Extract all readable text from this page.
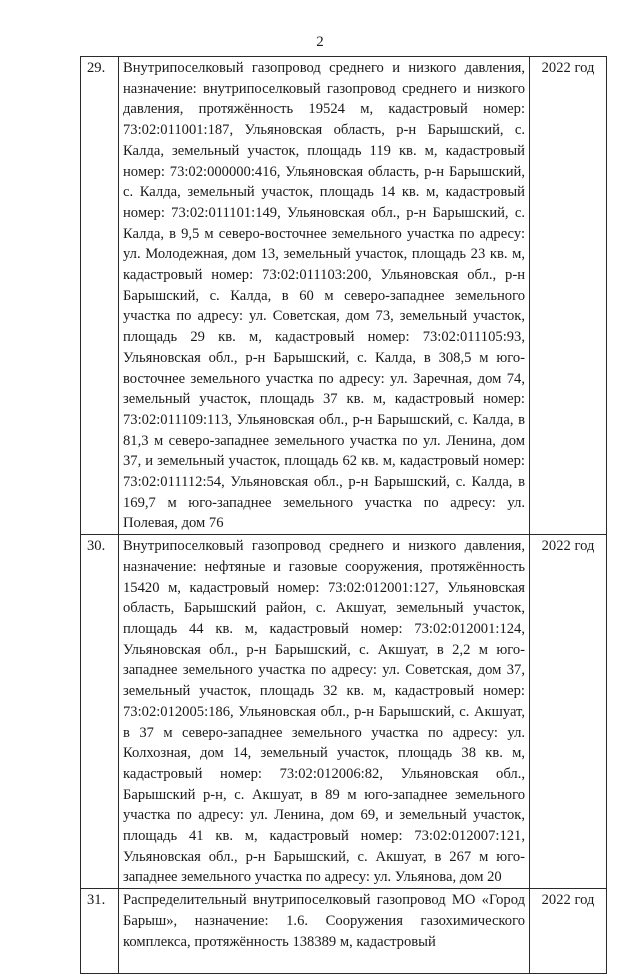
2
29.	Внутрипоселковый газопровод среднего и низкого давления, назначение: внутрипоселковый газопровод среднего и низкого давления, протяжённость 19524 м, кадастровый номер: 73:02:011001:187, Ульяновская область, р-н Барышский, с. Калда, земельный участок, площадь 119 кв. м, кадастровый номер: 73:02:000000:416, Ульяновская область, р-н Барышский, с. Калда, земельный участок, площадь 14 кв. м, кадастровый номер: 73:02:011101:149, Ульяновская обл., р-н Барышский, с. Калда, в 9,5 м северо-восточнее земельного участка по адресу: ул. Молодежная, дом 13, земельный участок, площадь 23 кв. м, кадастровый номер: 73:02:011103:200, Ульяновская обл., р-н Барышский, с. Калда, в 60 м северо-западнее земельного участка по адресу: ул. Советская, дом 73, земельный участок, площадь 29 кв. м, кадастровый номер: 73:02:011105:93, Ульяновская обл., р-н Барышский, с. Калда, в 308,5 м юго-восточнее земельного участка по адресу: ул. Заречная, дом 74, земельный участок, площадь 37 кв. м, кадастровый номер: 73:02:011109:113, Ульяновская обл., р-н Барышский, с. Калда, в 81,3 м северо-западнее земельного участка по ул. Ленина, дом 37, и земельный участок, площадь 62 кв. м, кадастровый номер: 73:02:011112:54, Ульяновская обл., р-н Барышский, с. Калда, в 169,7 м юго-западнее земельного участка по адресу: ул. Полевая, дом 76	2022 год
30.	Внутрипоселковый газопровод среднего и низкого давления, назначение: нефтяные и газовые сооружения, протяжённость 15420 м, кадастровый номер: 73:02:012001:127, Ульяновская область, Барышский район, с. Акшуат, земельный участок, площадь 44 кв. м, кадастровый номер: 73:02:012001:124, Ульяновская обл., р-н Барышский, с. Акшуат, в 2,2 м юго-западнее земельного участка по адресу: ул. Советская, дом 37, земельный участок, площадь 32 кв. м, кадастровый номер: 73:02:012005:186, Ульяновская обл., р-н Барышский, с. Акшуат, в 37 м северо-западнее земельного участка по адресу: ул. Колхозная, дом 14, земельный участок, площадь 38 кв. м, кадастровый номер: 73:02:012006:82, Ульяновская обл., Барышский р-н, с. Акшуат, в 89 м юго-западнее земельного участка по адресу: ул. Ленина, дом 69, и земельный участок, площадь 41 кв. м, кадастровый номер: 73:02:012007:121, Ульяновская обл., р-н Барышский, с. Акшуат, в 267 м юго-западнее земельного участка по адресу: ул. Ульянова, дом 20	2022 год

31.	Распределительный внутрипоселковый газопровод МО «Город Барыш», назначение: 1.6. Сооружения газохимического комплекса, протяжённость 138389 м, кадастровый	2022 год
